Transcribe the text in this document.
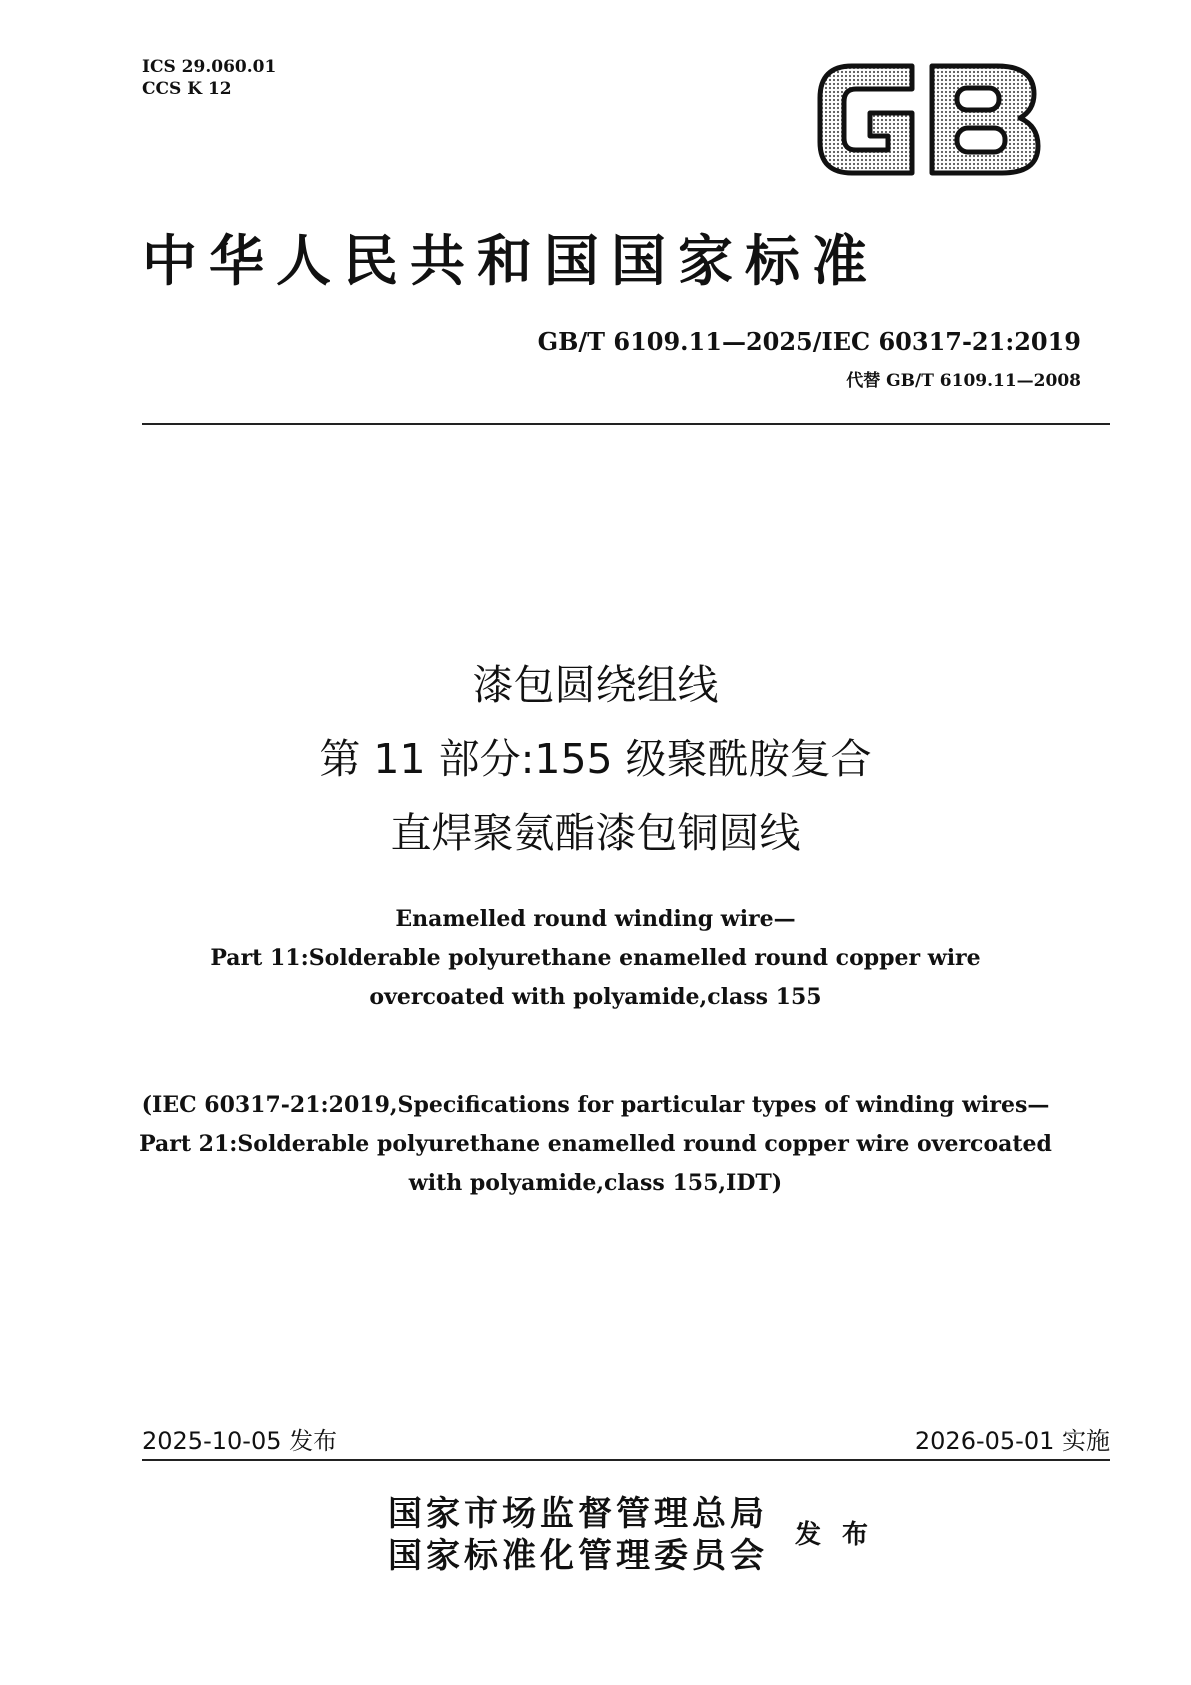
ICS 29.060.01
CCS K 12
中华人民共和国国家标准
GB/T 6109.11—2025/IEC 60317-21:2019
代替 GB/T 6109.11—2008
漆包圆绕组线
第 11 部分:155 级聚酰胺复合
直焊聚氨酯漆包铜圆线
Enamelled round winding wire—
Part 11:Solderable polyurethane enamelled round copper wire
overcoated with polyamide,class 155
(IEC 60317-21:2019,Specifications for particular types of winding wires—
Part 21:Solderable polyurethane enamelled round copper wire overcoated
with polyamide,class 155,IDT)
2025-10-05 发布	2026-05-01 实施
国家市场监督管理总局
国家标准化管理委员会
发 布
